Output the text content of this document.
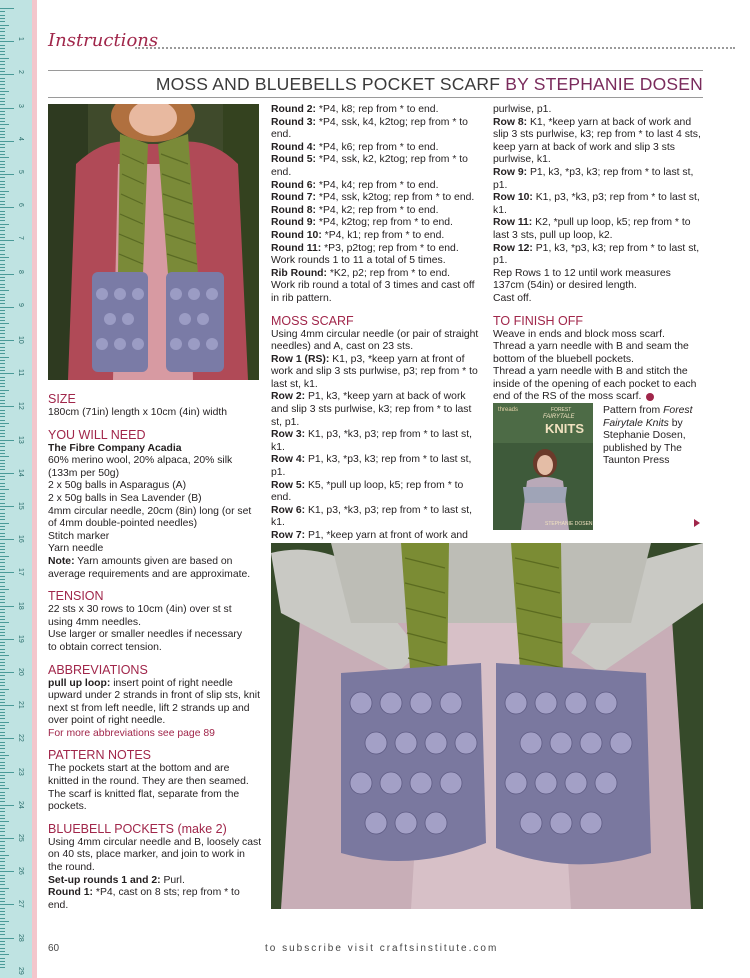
1
2
3
4
5
6
7
8
9
10
11
12
13
14
15
16
17
18
19
20
21
22
23
24
25
26
27
28
29
Instructions
MOSS AND BLUEBELLS POCKET SCARF BY STEPHANIE DOSEN

SIZE

180cm (71in) length x 10cm (4in) width

YOU WILL NEED

The Fibre Company Acadia

60% merino wool, 20% alpaca, 20% silk

(133m per 50g)

2 x 50g balls in Asparagus (A)

2 x 50g balls in Sea Lavender (B)

4mm circular needle, 20cm (8in) long (or set

of 4mm double-pointed needles)

Stitch marker

Yarn needle

Note: Yarn amounts given are based on average requirements and are approximate.

TENSION

22 sts x 30 rows to 10cm (4in) over st st

using 4mm needles.

Use larger or smaller needles if necessary

to obtain correct tension.

ABBREVIATIONS

pull up loop: insert point of right needle upward under 2 strands in front of slip sts, knit next st from left needle, lift 2 strands up and over point of right needle.

For more abbreviations see page 89

PATTERN NOTES

The pockets start at the bottom and are knitted in the round. They are then seamed. The scarf is knitted flat, separate from the pockets.

BLUEBELL POCKETS (make 2)

Using 4mm circular needle and B, loosely cast on 40 sts, place marker, and join to work in the round.

Set-up rounds 1 and 2: Purl.

Round 1: *P4, cast on 8 sts; rep from * to end.

Round 2: *P4, k8; rep from * to end.

Round 3: *P4, ssk, k4, k2tog; rep from * to end.

Round 4: *P4, k6; rep from * to end.

Round 5: *P4, ssk, k2, k2tog; rep from * to end.

Round 6: *P4, k4; rep from * to end.

Round 7: *P4, ssk, k2tog; rep from * to end.

Round 8: *P4, k2; rep from * to end.

Round 9: *P4, k2tog; rep from * to end.

Round 10: *P4, k1; rep from * to end.

Round 11: *P3, p2tog; rep from * to end.

Work rounds 1 to 11 a total of 5 times.

Rib Round: *K2, p2; rep from * to end.

Work rib round a total of 3 times and cast off in rib pattern.

MOSS SCARF

Using 4mm circular needle (or pair of straight needles) and A, cast on 23 sts.

Row 1 (RS): K1, p3, *keep yarn at front of work and slip 3 sts purlwise, p3; rep from * to last st, k1.

Row 2: P1, k3, *keep yarn at back of work and slip 3 sts purlwise, k3; rep from * to last st, p1.

Row 3: K1, p3, *k3, p3; rep from * to last st, k1.

Row 4: P1, k3, *p3, k3; rep from * to last st, p1.

Row 5: K5, *pull up loop, k5; rep from * to end.

Row 6: K1, p3, *k3, p3; rep from * to last st, k1.

Row 7: P1, *keep yarn at front of work and

purlwise, p1.

Row 8: K1, *keep yarn at back of work and slip 3 sts purlwise, k3; rep from * to last 4 sts, keep yarn at back of work and slip 3 sts purlwise, k1.

Row 9: P1, k3, *p3, k3; rep from * to last st, p1.

Row 10: K1, p3, *k3, p3; rep from * to last st, k1.

Row 11: K2, *pull up loop, k5; rep from * to last 3 sts, pull up loop, k2.

Row 12: P1, k3, *p3, k3; rep from * to last st, p1.

Rep Rows 1 to 12 until work measures 137cm (54in) or desired length.

Cast off.

TO FINISH OFF

Weave in ends and block moss scarf.

Thread a yarn needle with B and seam the bottom of the bluebell pockets.

Thread a yarn needle with B and stitch the inside of the opening of each pocket to each end of the RS of the moss scarf.

threads	FOREST
FAIRYTALE
KNITS
STEPHANIE DOSEN
Pattern from Forest Fairytale Knits by Stephanie Dosen, published by The Taunton Press
60	to subscribe visit craftsinstitute.com
